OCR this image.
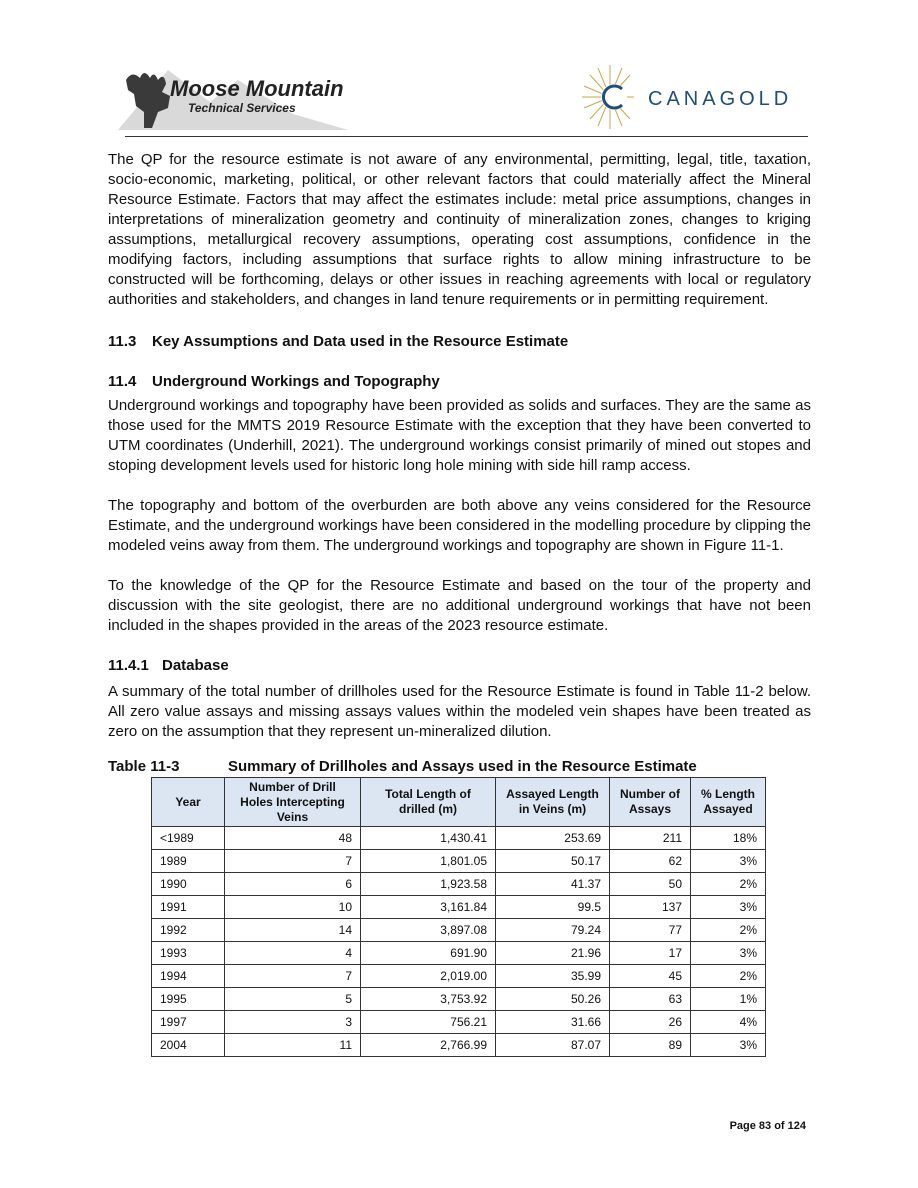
Moose Mountain
Technical Services	CANAGOLD

The QP for the resource estimate is not aware of any environmental, permitting, legal, title, taxation, socio-economic, marketing, political, or other relevant factors that could materially affect the Mineral Resource Estimate. Factors that may affect the estimates include: metal price assumptions, changes in interpretations of mineralization geometry and continuity of mineralization zones, changes to kriging assumptions, metallurgical recovery assumptions, operating cost assumptions, confidence in the modifying factors, including assumptions that surface rights to allow mining infrastructure to be constructed will be forthcoming, delays or other issues in reaching agreements with local or regulatory authorities and stakeholders, and changes in land tenure requirements or in permitting requirement.

11.3 Key Assumptions and Data used in the Resource Estimate
11.4 Underground Workings and Topography

Underground workings and topography have been provided as solids and surfaces. They are the same as those used for the MMTS 2019 Resource Estimate with the exception that they have been converted to UTM coordinates (Underhill, 2021). The underground workings consist primarily of mined out stopes and stoping development levels used for historic long hole mining with side hill ramp access.

The topography and bottom of the overburden are both above any veins considered for the Resource Estimate, and the underground workings have been considered in the modelling procedure by clipping the modeled veins away from them. The underground workings and topography are shown in Figure 11-1.

To the knowledge of the QP for the Resource Estimate and based on the tour of the property and discussion with the site geologist, there are no additional underground workings that have not been included in the shapes provided in the areas of the 2023 resource estimate.

11.4.1 Database

A summary of the total number of drillholes used for the Resource Estimate is found in Table 11-2 below. All zero value assays and missing assays values within the modeled vein shapes have been treated as zero on the assumption that they represent un-mineralized dilution.

Table 11-3	Summary of Drillholes and Assays used in the Resource Estimate
Year	Number of Drill Holes Intercepting Veins	Total Length of drilled (m)	Assayed Length in Veins (m)	Number of Assays	% Length Assayed
<1989	48	1,430.41	253.69	211	18%
1989	7	1,801.05	50.17	62	3%
1990	6	1,923.58	41.37	50	2%
1991	10	3,161.84	99.5	137	3%
1992	14	3,897.08	79.24	77	2%
1993	4	691.90	21.96	17	3%
1994	7	2,019.00	35.99	45	2%
1995	5	3,753.92	50.26	63	1%
1997	3	756.21	31.66	26	4%
2004	11	2,766.99	87.07	89	3%
Page 83 of 124
